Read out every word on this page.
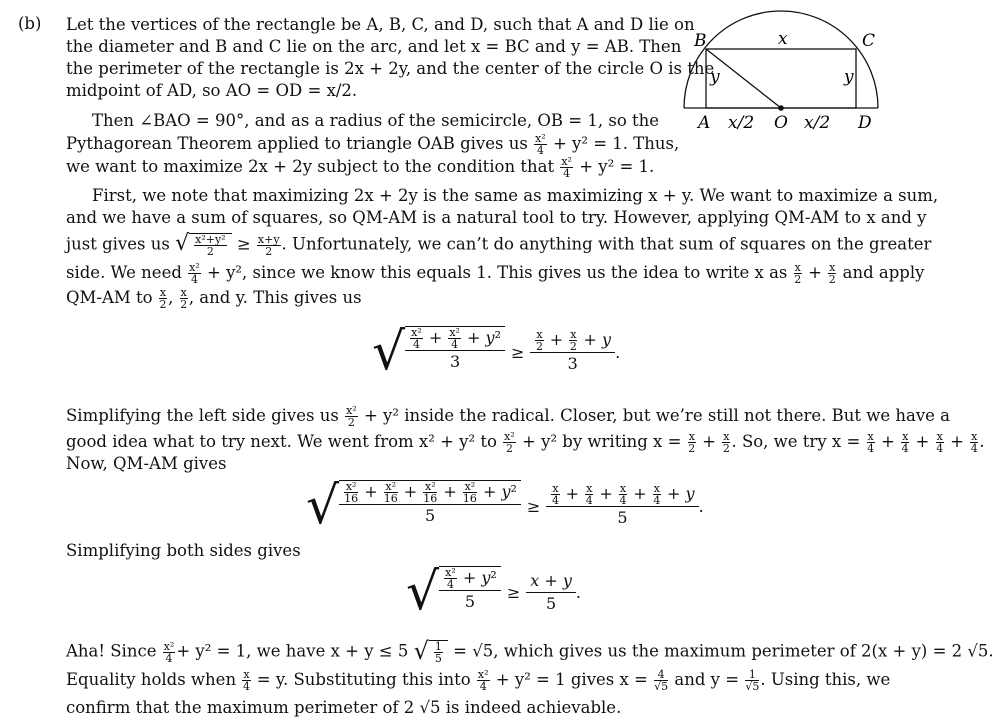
(b) Let the vertices of the rectangle be A, B, C, and D, such that A and D lie on
the diameter and B and C lie on the arc, and let x = BC and y = AB. Then
the perimeter of the rectangle is 2x + 2y, and the center of the circle O is the
midpoint of AD, so AO = OD = x/2.
Then ∠BAO = 90°, and as a radius of the semicircle, OB = 1, so the
Pythagorean Theorem applied to triangle OAB gives us $\frac{\text{x²}}{4} + y^2 = 1$. Thus,
we want to maximize 2x + 2y subject to the condition that $\frac{\text{x²}}{4} + y^2 = 1$.
First, we note that maximizing 2x + 2y is the same as maximizing x + y. We want to maximize a sum,
and we have a sum of squares, so QM-AM is a natural tool to try. However, applying QM-AM to x and y
just gives us √ $\frac{\text{x²+y²}}{2} \ge \frac{x+y}{2}$ . Unfortunately, we can’t do anything with that sum of squares on the greater
side. We need $\frac{\text{x²}}{4} + y^2$, since we know this equals 1. This gives us the idea to write x as $\frac{x}{2} + \frac{x}{2}$ and apply
QM-AM to $\frac{x}{2}$ , $\frac{x}{2}$ , and y. This gives us
√ $\frac{\text{x²}}{4} + \frac{\text{x²}}{4} + y^2$
3	≥ $\frac{\frac{x}{2} + \frac{x}{2} + y}{3}$ .
Simplifying the left side gives us $\frac{\text{x²}}{2} + y^2$ inside the radical. Closer, but we’re still not there. But we have a
good idea what to try next. We went from x² + y² to $\frac{\text{x²}}{2} + y^2$ by writing $x = \frac{x}{2} + \frac{x}{2}$ . So, we try $x = \frac{x}{4} + \frac{x}{4} + \frac{x}{4} + \frac{x}{4}$ .
Now, QM-AM gives
√ $\frac{\text{x²}}{16} + \frac{\text{x²}}{16} + \frac{\text{x²}}{16} + \frac{\text{x²}}{16} + y^2$
5	≥ $\frac{\frac{x}{4} + \frac{x}{4} + \frac{x}{4} + \frac{x}{4} + y}{5}$ .
Simplifying both sides gives
√ $\frac{\text{x²}}{4} + y^2$
5	≥ $\frac{x + y}{5}$ .
Aha! Since $\frac{\text{x²}}{4} + y^2 = 1$, we have x + y ≤ 5 √ $\frac{1}{5} = √5$, which gives us the maximum perimeter of 2(x + y) = 2 √5.
Equality holds when $\frac{x}{4} = y$. Substituting this into $\frac{\text{x²}}{4} + y^2 = 1$ gives $x = \frac{4}{√5}$ and $y = \frac{1}{√5}$ . Using this, we
confirm that the maximum perimeter of 2 √5 is indeed achievable.
B	C
x
y	y
A x/2 O x/2 D
